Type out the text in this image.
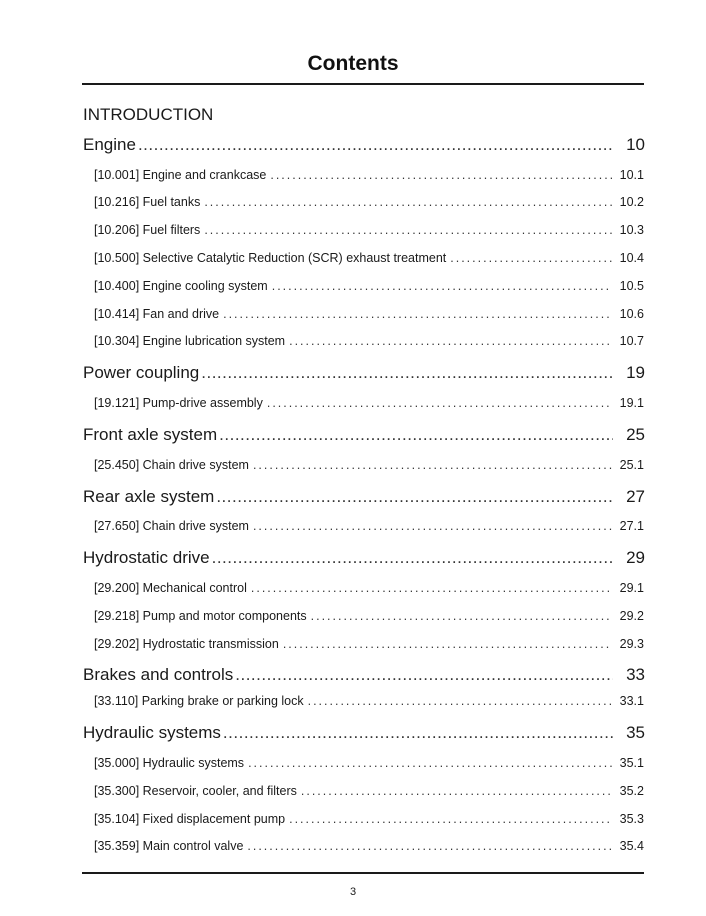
Contents
INTRODUCTION
Engine .....	10
[10.001] Engine and crankcase .....	10.1
[10.216] Fuel tanks .....	10.2
[10.206] Fuel filters .....	10.3
[10.500] Selective Catalytic Reduction (SCR) exhaust treatment .....	10.4
[10.400] Engine cooling system .....	10.5
[10.414] Fan and drive .....	10.6
[10.304] Engine lubrication system .....	10.7
Power coupling .....	19
[19.121] Pump-drive assembly .....	19.1
Front axle system .....	25
[25.450] Chain drive system .....	25.1
Rear axle system .....	27
[27.650] Chain drive system .....	27.1
Hydrostatic drive .....	29
[29.200] Mechanical control .....	29.1
[29.218] Pump and motor components .....	29.2
[29.202] Hydrostatic transmission .....	29.3
Brakes and controls .....	33
[33.110] Parking brake or parking lock .....	33.1
Hydraulic systems .....	35
[35.000] Hydraulic systems .....	35.1
[35.300] Reservoir, cooler, and filters .....	35.2
[35.104] Fixed displacement pump .....	35.3
[35.359] Main control valve .....	35.4
3
